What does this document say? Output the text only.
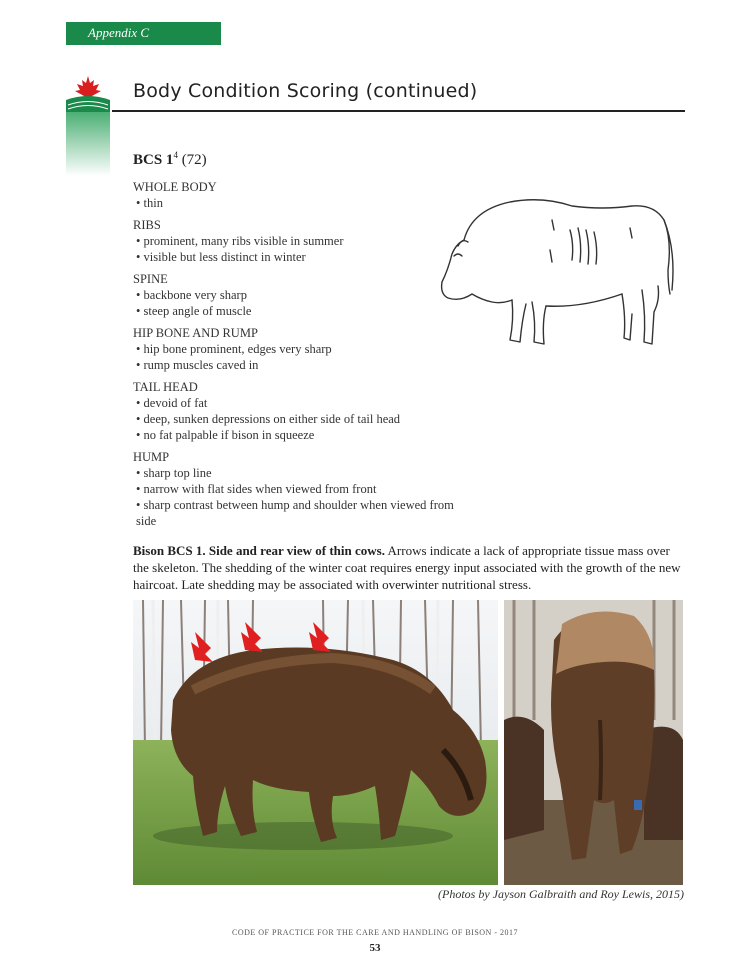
Appendix C
Body Condition Scoring (continued)
BCS $1^4$ (72)
WHOLE BODY
• thin
RIBS
• prominent, many ribs visible in summer
• visible but less distinct in winter
SPINE
• backbone very sharp
• steep angle of muscle
HIP BONE AND RUMP
• hip bone prominent, edges very sharp
• rump muscles caved in
TAIL HEAD
• devoid of fat
• deep, sunken depressions on either side of tail head
• no fat palpable if bison in squeeze
HUMP
• sharp top line
• narrow with flat sides when viewed from front
• sharp contrast between hump and shoulder when viewed from side
Bison BCS 1. Side and rear view of thin cows. Arrows indicate a lack of appropriate tissue mass over the skeleton. The shedding of the winter coat requires energy input associated with the growth of the new haircoat. Late shedding may be associated with overwinter nutritional stress.
(Photos by Jayson Galbraith and Roy Lewis, 2015)
CODE OF PRACTICE FOR THE CARE AND HANDLING OF BISON - 2017
53
